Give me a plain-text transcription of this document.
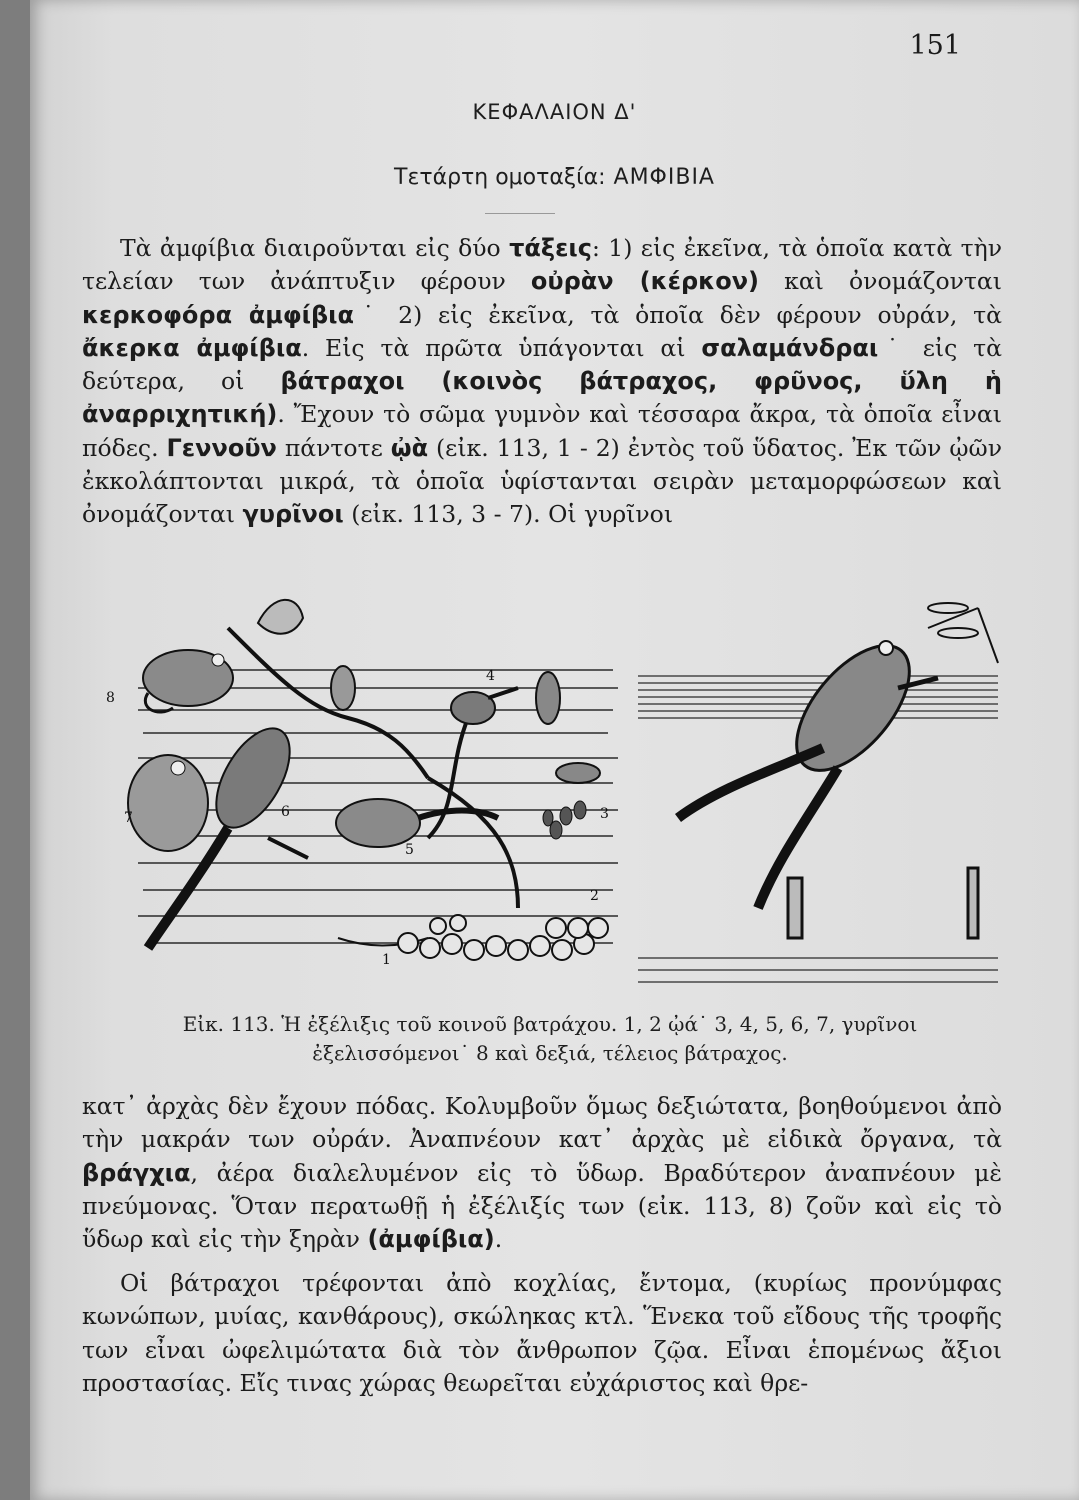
151
ΚΕΦΑΛΑΙΟΝ Δ'
Τετάρτη ομοταξία: ΑΜΦΙΒΙΑ
Τὰ ἀμφίβια διαιροῦνται εἰς δύο τάξεις: 1) εἰς ἐκεῖνα, τὰ ὁποῖα κατὰ τὴν τελείαν των ἀνάπτυξιν φέρουν οὐρὰν (κέρκον) καὶ ὀνομάζονται κερκοφόρα ἀμφίβια˙ 2) εἰς ἐκεῖνα, τὰ ὁποῖα δὲν φέρουν οὐράν, τὰ ἄκερκα ἀμφίβια. Εἰς τὰ πρῶτα ὑπάγονται αἱ σαλαμάνδραι˙ εἰς τὰ δεύτερα, οἱ βάτραχοι (κοινὸς βάτραχος, φρῦνος, ὕλη ἡ ἀναρριχητική). Ἔχουν τὸ σῶμα γυμνὸν καὶ τέσσαρα ἄκρα, τὰ ὁποῖα εἶναι πόδες. Γεννοῦν πάντοτε ᾠὰ (εἰκ. 113, 1 - 2) ἐντὸς τοῦ ὕδατος. Ἐκ τῶν ᾠῶν ἐκκολάπτονται μικρά, τὰ ὁποῖα ὑφίστανται σειρὰν μεταμορφώσεων καὶ ὀνομάζονται γυρῖνοι (εἰκ. 113, 3 - 7). Οἱ γυρῖνοι
1
2
3
4
5
6
7
8
Εἰκ. 113. Ἡ ἐξέλιξις τοῦ κοινοῦ βατράχου. 1, 2 ᾠά˙ 3, 4, 5, 6, 7, γυρῖνοι
ἐξελισσόμενοι˙ 8 καὶ δεξιά, τέλειος βάτραχος.
κατ᾽ ἀρχὰς δὲν ἔχουν πόδας. Κολυμβοῦν ὅμως δεξιώτατα, βοηθούμενοι ἀπὸ τὴν μακράν των οὐράν. Ἀναπνέουν κατ᾽ ἀρχὰς μὲ εἰδικὰ ὄργανα, τὰ βράγχια, ἀέρα διαλελυμένον εἰς τὸ ὕδωρ. Βραδύτερον ἀναπνέουν μὲ πνεύμονας. Ὅταν περατωθῇ ἡ ἐξέλιξίς των (εἰκ. 113, 8) ζοῦν καὶ εἰς τὸ ὕδωρ καὶ εἰς τὴν ξηρὰν (ἀμφίβια).
Οἱ βάτραχοι τρέφονται ἀπὸ κοχλίας, ἔντομα, (κυρίως προνύμφας κωνώπων, μυίας, κανθάρους), σκώληκας κτλ. Ἕνεκα τοῦ εἴδους τῆς τροφῆς των εἶναι ὠφελιμώτατα διὰ τὸν ἄνθρωπον ζῷα. Εἶναι ἑπομένως ἄξιοι προστασίας. Εἴς τινας χώρας θεωρεῖται εὐχάριστος καὶ θρε-
